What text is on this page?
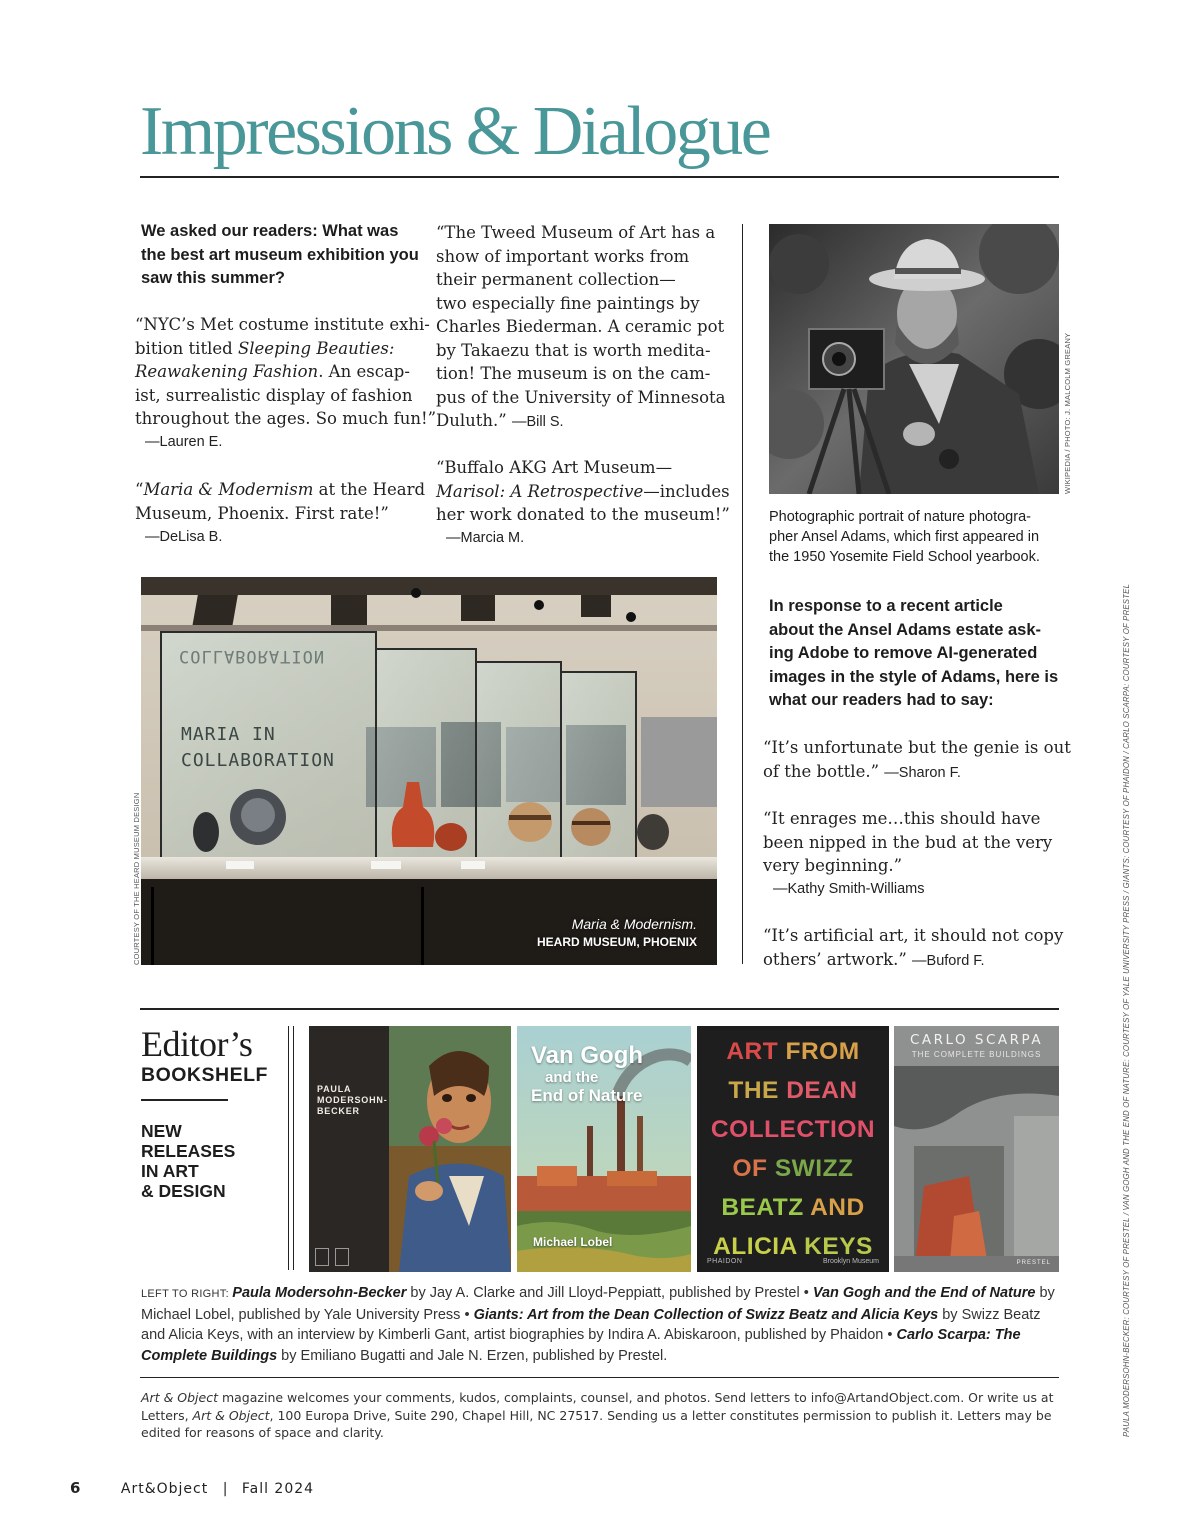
Impressions & Dialogue
We asked our readers: What was the best art museum exhibition you saw this summer?
“NYC’s Met costume institute exhi-
bition titled Sleeping Beauties:
Reawakening Fashion. An escap-
ist, surrealistic display of fashion
throughout the ages. So much fun!”
—Lauren E.
“Maria & Modernism at the Heard
Museum, Phoenix. First rate!”
—DeLisa B.
“The Tweed Museum of Art has a
show of important works from
their permanent collection—
two especially fine paintings by
Charles Biederman. A ceramic pot
by Takaezu that is worth medita-
tion! The museum is on the cam-
pus of the University of Minnesota
Duluth.” —Bill S.
“Buffalo AKG Art Museum—
Marisol: A Retrospective—includes
her work donated to the museum!”
—Marcia M.
COLLABORATION
MARIA IN
COLLABORATION
Maria & Modernism.
HEARD MUSEUM, PHOENIX
COURTESY OF THE HEARD MUSEUM DESIGN
WIKIPEDIA / PHOTO: J. MALCOLM GREANY
Photographic portrait of nature photogra-
pher Ansel Adams, which first appeared in
the 1950 Yosemite Field School yearbook.
In response to a recent article
about the Ansel Adams estate ask-
ing Adobe to remove AI-generated
images in the style of Adams, here is
what our readers had to say:
“It’s unfortunate but the genie is out
of the bottle.” —Sharon F.
“It enrages me…this should have
been nipped in the bud at the very
very beginning.”
—Kathy Smith-Williams
“It’s artificial art, it should not copy
others’ artwork.” —Buford F.
Editor’s
BOOKSHELF
NEW
RELEASES
IN ART
& DESIGN
PAULA
MODERSOHN-
BECKER
Van Gogh
and the
End of Nature
Michael Lobel
ART FROM
THE DEAN
COLLECTION
OF SWIZZ
BEATZ AND
ALICIA KEYS
PHAIDON	Brooklyn Museum
CARLO SCARPA
THE COMPLETE BUILDINGS
PRESTEL
LEFT TO RIGHT: Paula Modersohn-Becker by Jay A. Clarke and Jill Lloyd-Peppiatt, published by Prestel • Van Gogh and the End of Nature by Michael Lobel, published by Yale University Press • Giants: Art from the Dean Collection of Swizz Beatz and Alicia Keys by Swizz Beatz and Alicia Keys, with an interview by Kimberli Gant, artist biographies by Indira A. Abiskaroon, published by Phaidon • Carlo Scarpa: The Complete Buildings by Emiliano Bugatti and Jale N. Erzen, published by Prestel.
Art & Object magazine welcomes your comments, kudos, complaints, counsel, and photos. Send letters to info@ArtandObject.com. Or write us at Letters, Art & Object, 100 Europa Drive, Suite 290, Chapel Hill, NC 27517. Sending us a letter constitutes permission to publish it. Letters may be edited for reasons of space and clarity.	PAULA MODERSOHN-BECKER: COURTESY OF PRESTEL / VAN GOGH AND THE END OF NATURE: COURTESY OF YALE UNIVERSITY PRESS / GIANTS: COURTESY OF PHAIDON / CARLO SCARPA: COURTESY OF PRESTEL
6	Art&Object | Fall 2024
